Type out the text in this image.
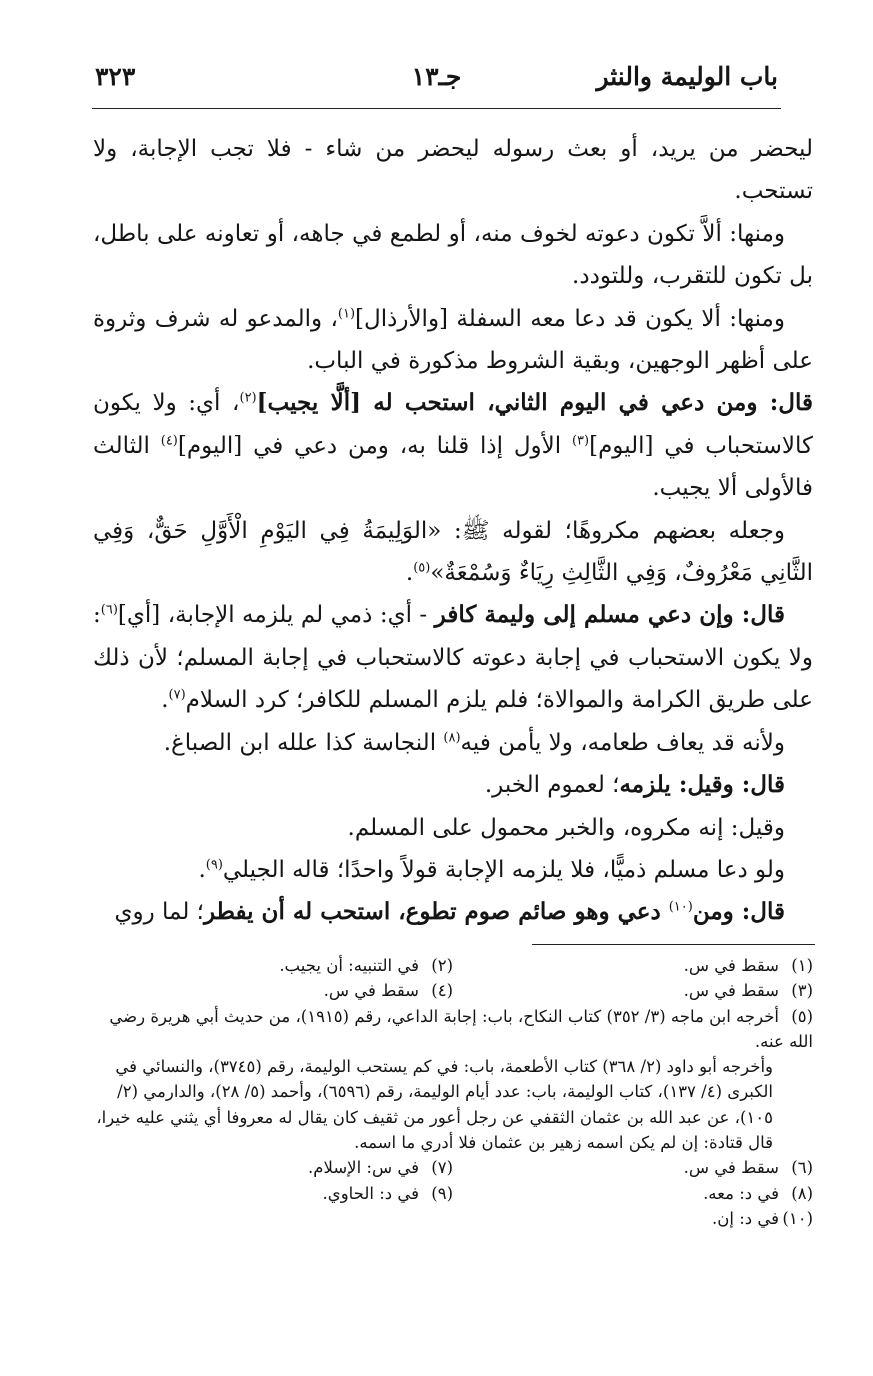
باب الوليمة والنثر
جـ١٣
٣٢٣

ليحضر من يريد، أو بعث رسوله ليحضر من شاء - فلا تجب الإجابة، ولا تستحب.

ومنها: ألاَّ تكون دعوته لخوف منه، أو لطمع في جاهه، أو تعاونه على باطل، بل تكون للتقرب، وللتودد.

ومنها: ألا يكون قد دعا معه السفلة [والأرذال]$^{(١)}$، والمدعو له شرف وثروة على أظهر الوجهين، وبقية الشروط مذكورة في الباب.

قال: ومن دعي في اليوم الثاني، استحب له [ألَّا يجيب]$^{(٢)}$، أي: ولا يكون كالاستحباب في [اليوم]$^{(٣)}$ الأول إذا قلنا به، ومن دعي في [اليوم]$^{(٤)}$ الثالث فالأولى ألا يجيب.

وجعله بعضهم مكروهًا؛ لقوله ﷺ: «الوَلِيمَةُ فِي اليَوْمِ الْأَوَّلِ حَقٌّ، وَفِي الثَّانِي مَعْرُوفٌ، وَفِي الثَّالِثِ رِيَاءٌ وَسُمْعَةٌ»$^{(٥)}$.

قال: وإن دعي مسلم إلى وليمة كافر - أي: ذمي لم يلزمه الإجابة، [أي]$^{(٦)}$: ولا يكون الاستحباب في إجابة دعوته كالاستحباب في إجابة المسلم؛ لأن ذلك على طريق الكرامة والموالاة؛ فلم يلزم المسلم للكافر؛ كرد السلام$^{(٧)}$.

ولأنه قد يعاف طعامه، ولا يأمن فيه$^{(٨)}$ النجاسة كذا علله ابن الصباغ.

قال: وقيل: يلزمه؛ لعموم الخبر.

وقيل: إنه مكروه، والخبر محمول على المسلم.

ولو دعا مسلم ذميًّا، فلا يلزمه الإجابة قولاً واحدًا؛ قاله الجيلي$^{(٩)}$.

قال: ومن$^{(١٠)}$ دعي وهو صائم صوم تطوع، استحب له أن يفطر؛ لما روي

(١)سقط في س.
(٢)في التنبيه: أن يجيب.
(٣)سقط في س.
(٤)سقط في س.

(٥)أخرجه ابن ماجه (٣/ ٣٥٢) كتاب النكاح، باب: إجابة الداعي، رقم (١٩١٥)، من حديث أبي هريرة رضي الله عنه.

وأخرجه أبو داود (٢/ ٣٦٨) كتاب الأطعمة، باب: في كم يستحب الوليمة، رقم (٣٧٤٥)، والنسائي في الكبرى (٤/ ١٣٧)، كتاب الوليمة، باب: عدد أيام الوليمة، رقم (٦٥٩٦)، وأحمد (٥/ ٢٨)، والدارمي (٢/ ١٠٥)، عن عبد الله بن عثمان الثقفي عن رجل أعور من ثقيف كان يقال له معروفا أي يثني عليه خيرا، قال قتادة: إن لم يكن اسمه زهير بن عثمان فلا أدري ما اسمه.

(٦)سقط في س.
(٧)في س: الإسلام.
(٨)في د: معه.
(٩)في د: الحاوي.
(١٠)في د: إن.
